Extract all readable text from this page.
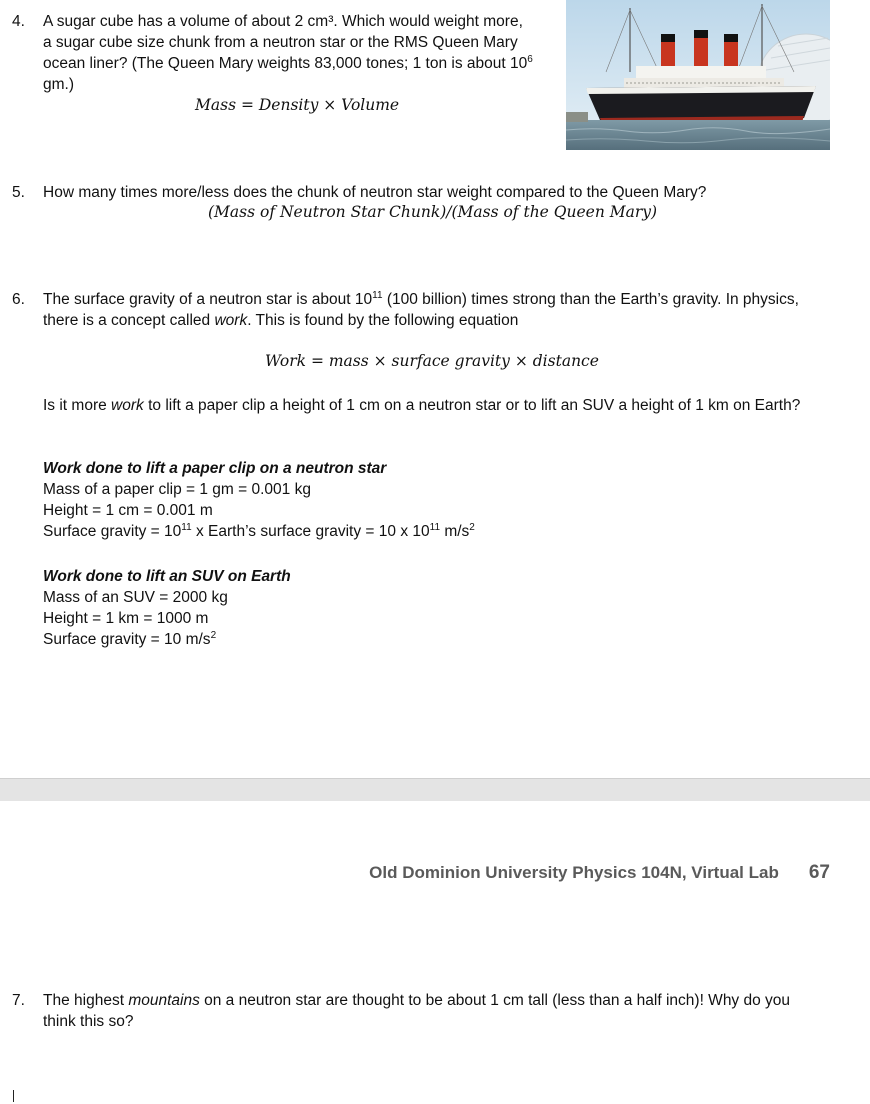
4. A sugar cube has a volume of about 2 cm³. Which would weight more,
a sugar cube size chunk from a neutron star or the RMS Queen Mary
ocean liner? (The Queen Mary weights 83,000 tones; 1 ton is about $10^6$
gm.)
Mass = Density × Volume
5. How many times more/less does the chunk of neutron star weight compared to the Queen Mary?
(Mass of Neutron Star Chunk)/(Mass of the Queen Mary)
6. The surface gravity of a neutron star is about $10^{11}$ (100 billion) times strong than the Earth’s gravity. In physics,
there is a concept called work. This is found by the following equation
Work = mass × surface gravity × distance
Is it more work to lift a paper clip a height of 1 cm on a neutron star or to lift an SUV a height of 1 km on Earth?
Work done to lift a paper clip on a neutron star
Mass of a paper clip = 1 gm = 0.001 kg
Height = 1 cm = 0.001 m
Surface gravity = $10^{11}$ x Earth’s surface gravity = 10 x $10^{11}$ $m/s^2$
Work done to lift an SUV on Earth
Mass of an SUV = 2000 kg
Height = 1 km = 1000 m
Surface gravity = 10 $m/s^2$
Old Dominion University Physics 104N, Virtual Lab 67
7. The highest mountains on a neutron star are thought to be about 1 cm tall (less than a half inch)! Why do you
think this so?
